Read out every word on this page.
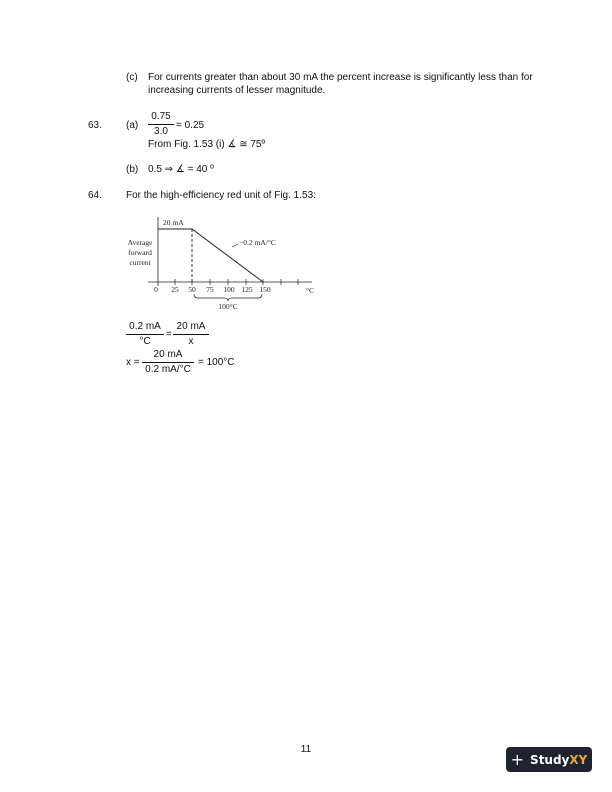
(c) For currents greater than about 30 mA the percent increase is significantly less than for
increasing currents of lesser magnitude.
63. (a)
0.75
3.0
= 0.25
From Fig. 1.53 (i) ∡ ≅ 75º
(b) 0.5 ⇒ ∡ = 40 º
64. For the high-efficiency red unit of Fig. 1.53:
Average
forward
current
20 mA
−0.2 mA/°C
0 25 50 75 100 125 150	°C
100°C
0.2 mA
°C
=
20 mA
x
x =
20 mA
0.2 mA/°C
= 100°C
11	+ StudyXY
